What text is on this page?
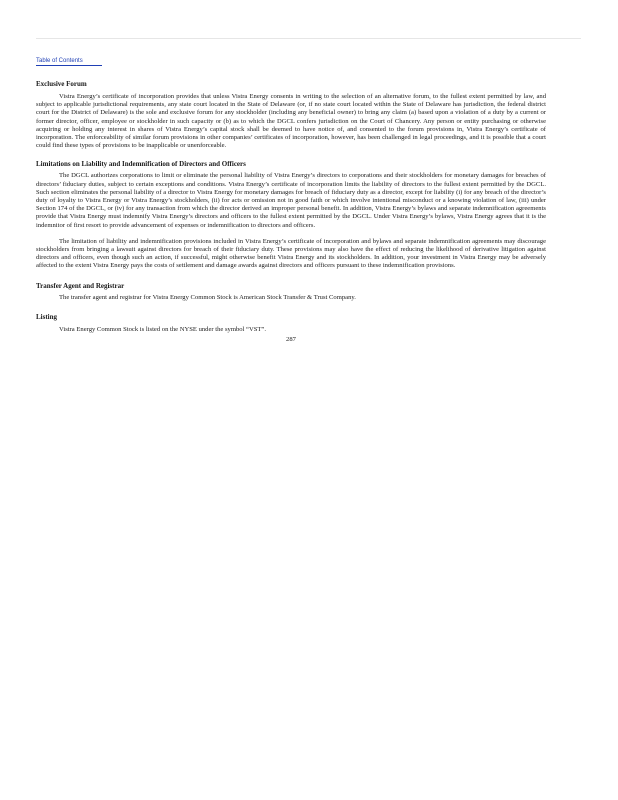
Table of Contents
Exclusive Forum

Vistra Energy’s certificate of incorporation provides that unless Vistra Energy consents in writing to the selection of an alternative forum, to the fullest extent permitted by law, and subject to applicable jurisdictional requirements, any state court located in the State of Delaware (or, if no state court located within the State of Delaware has jurisdiction, the federal district court for the District of Delaware) is the sole and exclusive forum for any stockholder (including any beneficial owner) to bring any claim (a) based upon a violation of a duty by a current or former director, officer, employee or stockholder in such capacity or (b) as to which the DGCL confers jurisdiction on the Court of Chancery. Any person or entity purchasing or otherwise acquiring or holding any interest in shares of Vistra Energy’s capital stock shall be deemed to have notice of, and consented to the forum provisions in, Vistra Energy’s certificate of incorporation. The enforceability of similar forum provisions in other companies’ certificates of incorporation, however, has been challenged in legal proceedings, and it is possible that a court could find these types of provisions to be inapplicable or unenforceable.

Limitations on Liability and Indemnification of Directors and Officers

The DGCL authorizes corporations to limit or eliminate the personal liability of Vistra Energy’s directors to corporations and their stockholders for monetary damages for breaches of directors’ fiduciary duties, subject to certain exceptions and conditions. Vistra Energy’s certificate of incorporation limits the liability of directors to the fullest extent permitted by the DGCL. Such section eliminates the personal liability of a director to Vistra Energy for monetary damages for breach of fiduciary duty as a director, except for liability (i) for any breach of the director’s duty of loyalty to Vistra Energy or Vistra Energy’s stockholders, (ii) for acts or omission not in good faith or which involve intentional misconduct or a knowing violation of law, (iii) under Section 174 of the DGCL, or (iv) for any transaction from which the director derived an improper personal benefit. In addition, Vistra Energy’s bylaws and separate indemnification agreements provide that Vistra Energy must indemnify Vistra Energy’s directors and officers to the fullest extent permitted by the DGCL. Under Vistra Energy’s bylaws, Vistra Energy agrees that it is the indemnitor of first resort to provide advancement of expenses or indemnification to directors and officers.

The limitation of liability and indemnification provisions included in Vistra Energy’s certificate of incorporation and bylaws and separate indemnification agreements may discourage stockholders from bringing a lawsuit against directors for breach of their fiduciary duty. These provisions may also have the effect of reducing the likelihood of derivative litigation against directors and officers, even though such an action, if successful, might otherwise benefit Vistra Energy and its stockholders. In addition, your investment in Vistra Energy may be adversely affected to the extent Vistra Energy pays the costs of settlement and damage awards against directors and officers pursuant to these indemnification provisions.

Transfer Agent and Registrar

The transfer agent and registrar for Vistra Energy Common Stock is American Stock Transfer & Trust Company.

Listing

Vistra Energy Common Stock is listed on the NYSE under the symbol “VST”.

287
